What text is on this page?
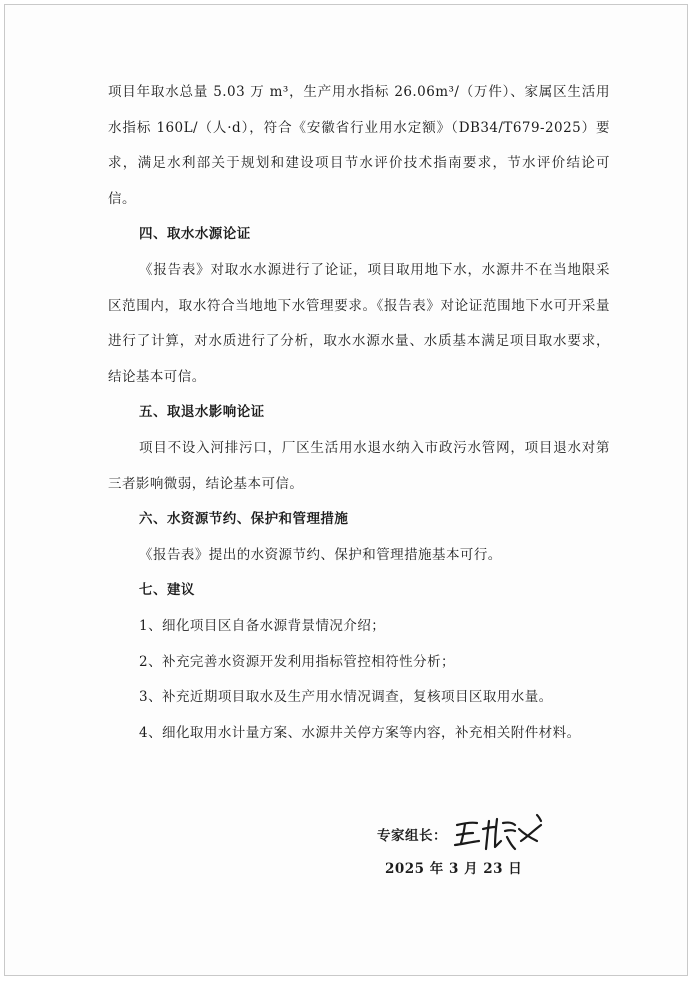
项目年取水总量 5.03 万 m³，生产用水指标 26.06m³/（万件）、家属区生活用水指标 160L/（人·d），符合《安徽省行业用水定额》（DB34/T679-2025）要求，满足水利部关于规划和建设项目节水评价技术指南要求，节水评价结论可信。

四、取水水源论证

《报告表》对取水水源进行了论证，项目取用地下水，水源井不在当地限采区范围内，取水符合当地地下水管理要求。《报告表》对论证范围地下水可开采量进行了计算，对水质进行了分析，取水水源水量、水质基本满足项目取水要求，结论基本可信。

五、取退水影响论证

项目不设入河排污口，厂区生活用水退水纳入市政污水管网，项目退水对第三者影响微弱，结论基本可信。

六、水资源节约、保护和管理措施

《报告表》提出的水资源节约、保护和管理措施基本可行。

七、建议

1、细化项目区自备水源背景情况介绍；

2、补充完善水资源开发利用指标管控相符性分析；

3、补充近期项目取水及生产用水情况调查，复核项目区取用水量。

4、细化取用水计量方案、水源井关停方案等内容，补充相关附件材料。

专家组长：
2025 年 3 月 23 日
